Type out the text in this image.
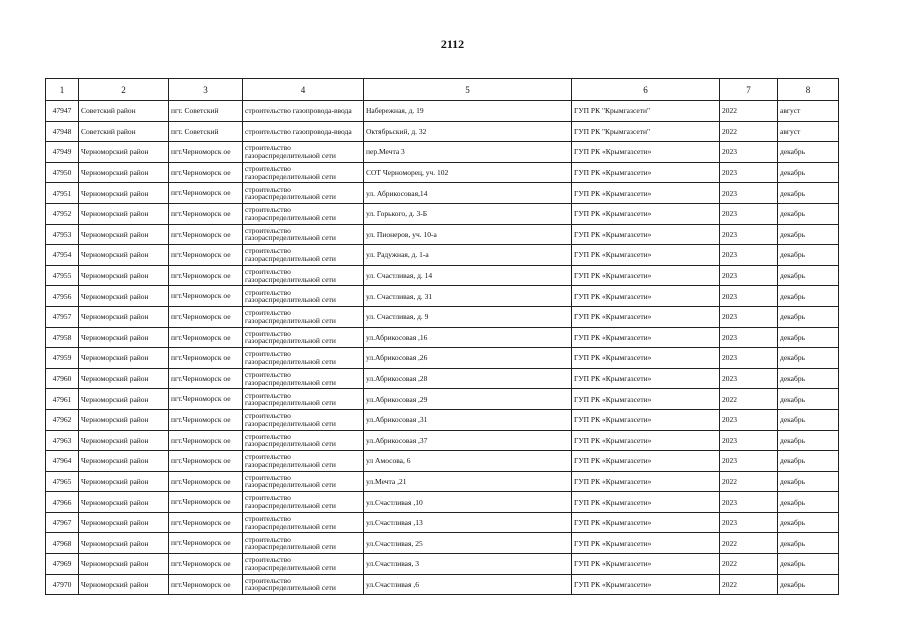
2112
1	2	3	4	5	6	7	8
47947	Советский район	пгт. Советский	строительство газопровода-ввода	Набережная, д. 19	ГУП РК "Крымгазсети"	2022	август
47948	Советский район	пгт. Советский	строительство газопровода-ввода	Октябрьский, д. 32	ГУП РК "Крымгазсети"	2022	август
47949	Черноморский район	пгт.Черноморск ое	строительство газораспределительной сети	пер.Мечта 3	ГУП РК «Крымгазсети»	2023	декабрь
47950	Черноморский район	пгт.Черноморск ое	строительство газораспределительной сети	СОТ Черноморец, уч. 102	ГУП РК «Крымгазсети»	2023	декабрь
47951	Черноморский район	пгт.Черноморск ое	строительство газораспределительной сети	ул. Абрикосовая,14	ГУП РК «Крымгазсети»	2023	декабрь
47952	Черноморский район	пгт.Черноморск ое	строительство газораспределительной сети	ул. Горького, д. 3-Б	ГУП РК «Крымгазсети»	2023	декабрь
47953	Черноморский район	пгт.Черноморск ое	строительство газораспределительной сети	ул. Пионеров, уч. 10-а	ГУП РК «Крымгазсети»	2023	декабрь
47954	Черноморский район	пгт.Черноморск ое	строительство газораспределительной сети	ул. Радужная, д. 1-а	ГУП РК «Крымгазсети»	2023	декабрь
47955	Черноморский район	пгт.Черноморск ое	строительство газораспределительной сети	ул. Счастливая, д. 14	ГУП РК «Крымгазсети»	2023	декабрь
47956	Черноморский район	пгт.Черноморск ое	строительство газораспределительной сети	ул. Счастливая, д. 31	ГУП РК «Крымгазсети»	2023	декабрь
47957	Черноморский район	пгт.Черноморск ое	строительство газораспределительной сети	ул. Счастливая, д. 9	ГУП РК «Крымгазсети»	2023	декабрь
47958	Черноморский район	пгт.Черноморск ое	строительство газораспределительной сети	ул.Абрикосовая ,16	ГУП РК «Крымгазсети»	2023	декабрь
47959	Черноморский район	пгт.Черноморск ое	строительство газораспределительной сети	ул.Абрикосовая ,26	ГУП РК «Крымгазсети»	2023	декабрь
47960	Черноморский район	пгт.Черноморск ое	строительство газораспределительной сети	ул.Абрикосовая ,28	ГУП РК «Крымгазсети»	2023	декабрь
47961	Черноморский район	пгт.Черноморск ое	строительство газораспределительной сети	ул.Абрикосовая ,29	ГУП РК «Крымгазсети»	2022	декабрь
47962	Черноморский район	пгт.Черноморск ое	строительство газораспределительной сети	ул.Абрикосовая ,31	ГУП РК «Крымгазсети»	2023	декабрь
47963	Черноморский район	пгт.Черноморск ое	строительство газораспределительной сети	ул.Абрикосовая ,37	ГУП РК «Крымгазсети»	2023	декабрь
47964	Черноморский район	пгт.Черноморск ое	строительство газораспределительной сети	ул Амосова, 6	ГУП РК «Крымгазсети»	2023	декабрь
47965	Черноморский район	пгт.Черноморск ое	строительство газораспределительной сети	ул.Мечта ,21	ГУП РК «Крымгазсети»	2022	декабрь
47966	Черноморский район	пгт.Черноморск ое	строительство газораспределительной сети	ул.Счастливая ,10	ГУП РК «Крымгазсети»	2023	декабрь
47967	Черноморский район	пгт.Черноморск ое	строительство газораспределительной сети	ул.Счастливая ,13	ГУП РК «Крымгазсети»	2023	декабрь
47968	Черноморский район	пгт.Черноморск ое	строительство газораспределительной сети	ул.Счастливая, 25	ГУП РК «Крымгазсети»	2022	декабрь
47969	Черноморский район	пгт.Черноморск ое	строительство газораспределительной сети	ул.Счастливая, 3	ГУП РК «Крымгазсети»	2022	декабрь
47970	Черноморский район	пгт.Черноморск ое	строительство газораспределительной сети	ул.Счастливая ,6	ГУП РК «Крымгазсети»	2022	декабрь
